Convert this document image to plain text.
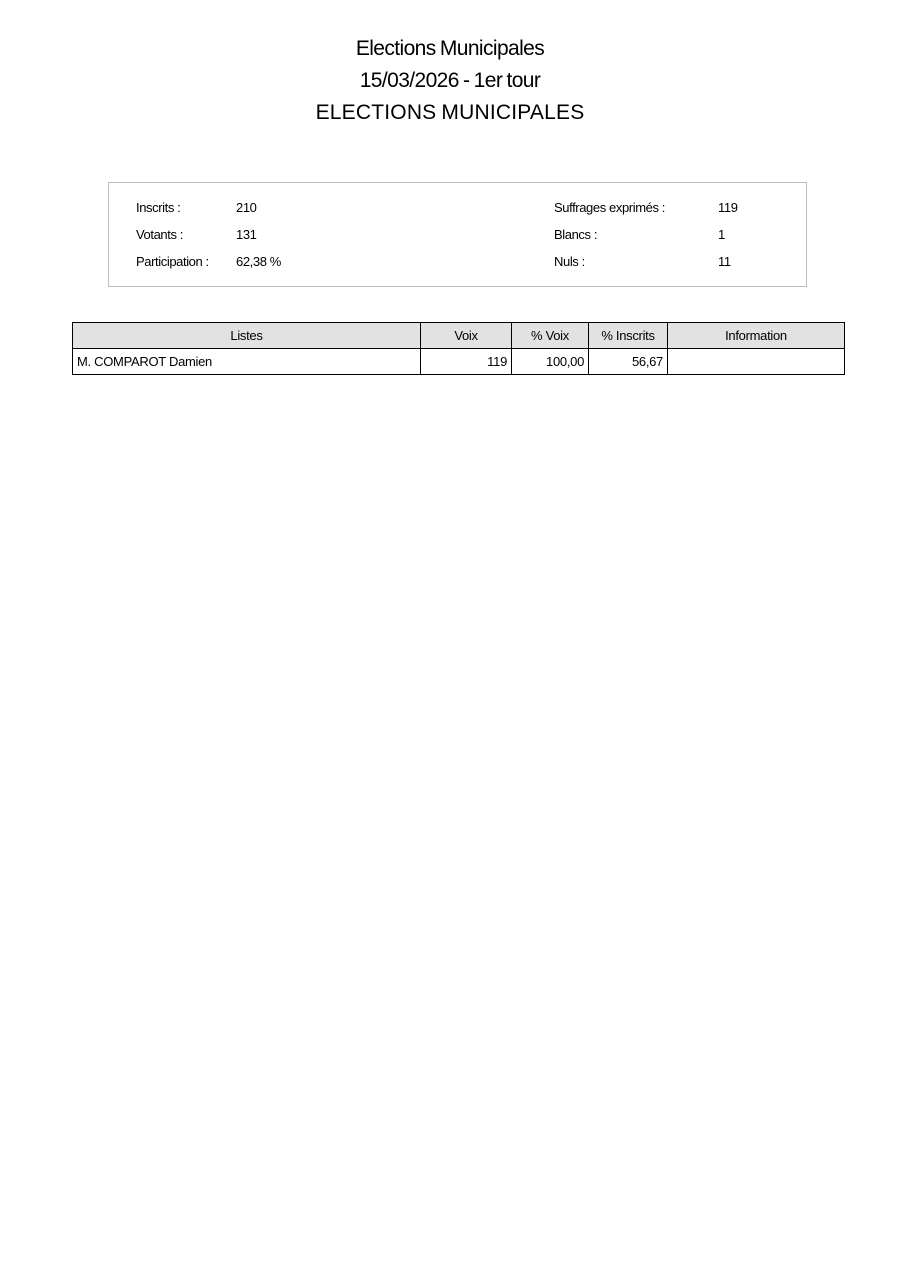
Elections Municipales
15/03/2026 - 1er tour
ELECTIONS MUNICIPALES
Inscrits :	210
Votants :	131
Participation : 62,38 %
Suffrages exprimés :	119
Blancs :	1
Nuls :	11
Listes	Voix	% Voix	% Inscrits	Information
M. COMPAROT Damien	119	100,00	56,67	
